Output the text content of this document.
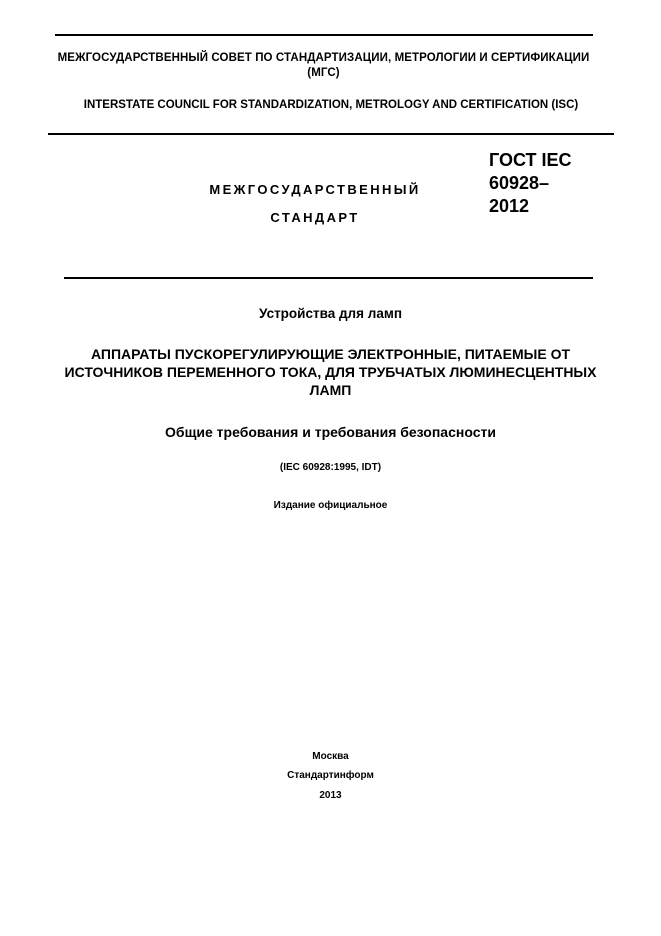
МЕЖГОСУДАРСТВЕННЫЙ СОВЕТ ПО СТАНДАРТИЗАЦИИ, МЕТРОЛОГИИ И СЕРТИФИКАЦИИ (МГС)
INTERSTATE COUNCIL FOR STANDARDIZATION, METROLOGY AND CERTIFICATION (ISC)
МЕЖГОСУДАРСТВЕННЫЙ
СТАНДАРТ
ГОСТ IEC
60928–
2012
Устройства для ламп
АППАРАТЫ ПУСКОРЕГУЛИРУЮЩИЕ ЭЛЕКТРОННЫЕ, ПИТАЕМЫЕ ОТ ИСТОЧНИКОВ ПЕРЕМЕННОГО ТОКА, ДЛЯ ТРУБЧАТЫХ ЛЮМИНЕСЦЕНТНЫХ ЛАМП
Общие требования и требования безопасности
(IEC 60928:1995, IDT)
Издание официальное
Москва
Стандартинформ
2013
